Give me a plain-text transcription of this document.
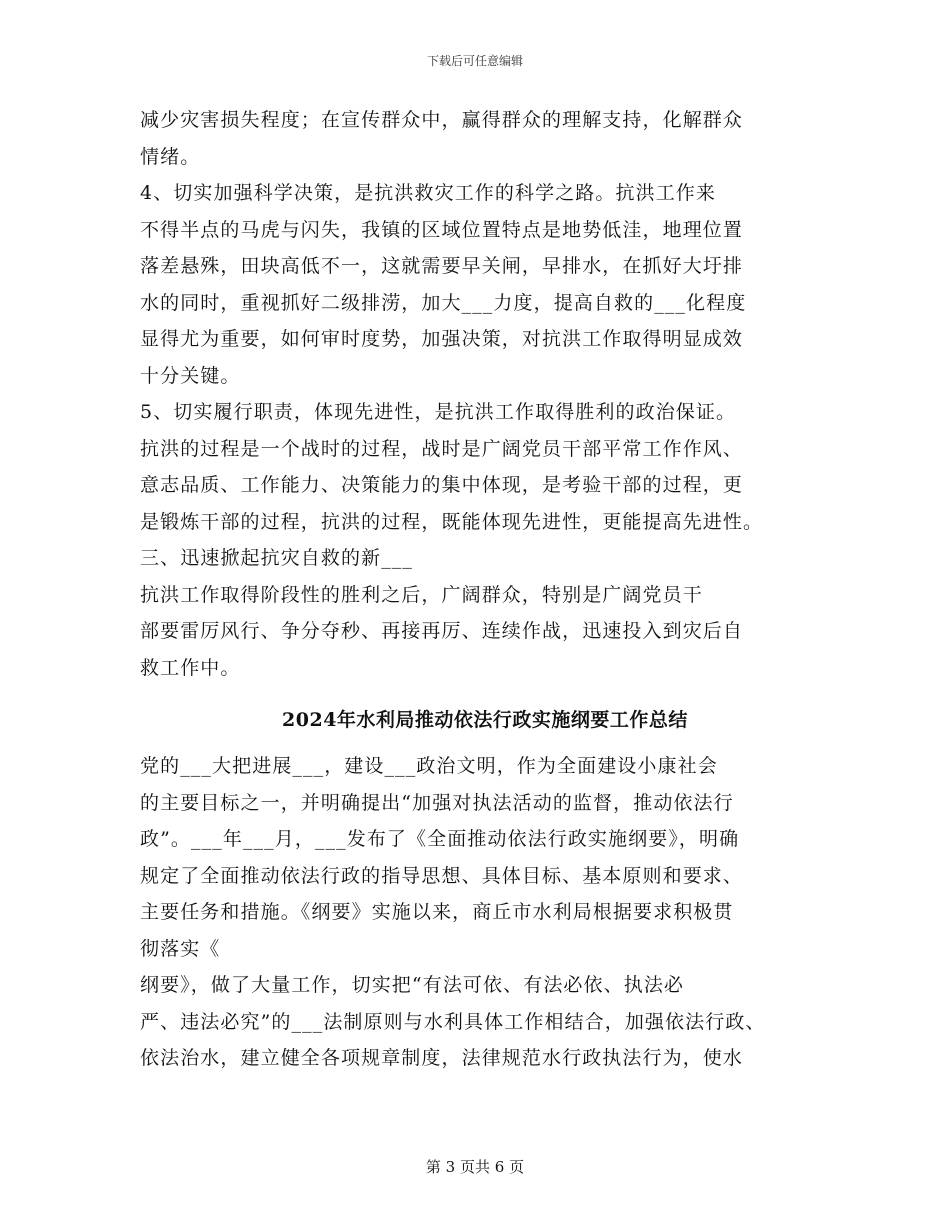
下载后可任意编辑

减少灾害损失程度；在宣传群众中，赢得群众的理解支持，化解群众
情绪。

4、切实加强科学决策，是抗洪救灾工作的科学之路。抗洪工作来
不得半点的马虎与闪失，我镇的区域位置特点是地势低洼，地理位置
落差悬殊，田块高低不一，这就需要早关闸，早排水，在抓好大圩排
水的同时，重视抓好二级排涝，加大___力度，提高自救的___化程度
显得尤为重要，如何审时度势，加强决策，对抗洪工作取得明显成效
十分关键。

5、切实履行职责，体现先进性，是抗洪工作取得胜利的政治保证。
抗洪的过程是一个战时的过程，战时是广阔党员干部平常工作作风、
意志品质、工作能力、决策能力的集中体现，是考验干部的过程，更
是锻炼干部的过程，抗洪的过程，既能体现先进性，更能提高先进性。

三、迅速掀起抗灾自救的新___

抗洪工作取得阶段性的胜利之后，广阔群众，特别是广阔党员干
部要雷厉风行、争分夺秒、再接再厉、连续作战，迅速投入到灾后自
救工作中。

2024年水利局推动依法行政实施纲要工作总结

党的___大把进展___，建设___政治文明，作为全面建设小康社会
的主要目标之一，并明确提出“加强对执法活动的监督，推动依法行
政”。___年___月，___发布了《全面推动依法行政实施纲要》，明确
规定了全面推动依法行政的指导思想、具体目标、基本原则和要求、
主要任务和措施。《纲要》实施以来，商丘市水利局根据要求积极贯
彻落实《

纲要》，做了大量工作，切实把“有法可依、有法必依、执法必
严、违法必究”的___法制原则与水利具体工作相结合，加强依法行政、
依法治水，建立健全各项规章制度，法律规范水行政执法行为，使水

第 3 页共 6 页
